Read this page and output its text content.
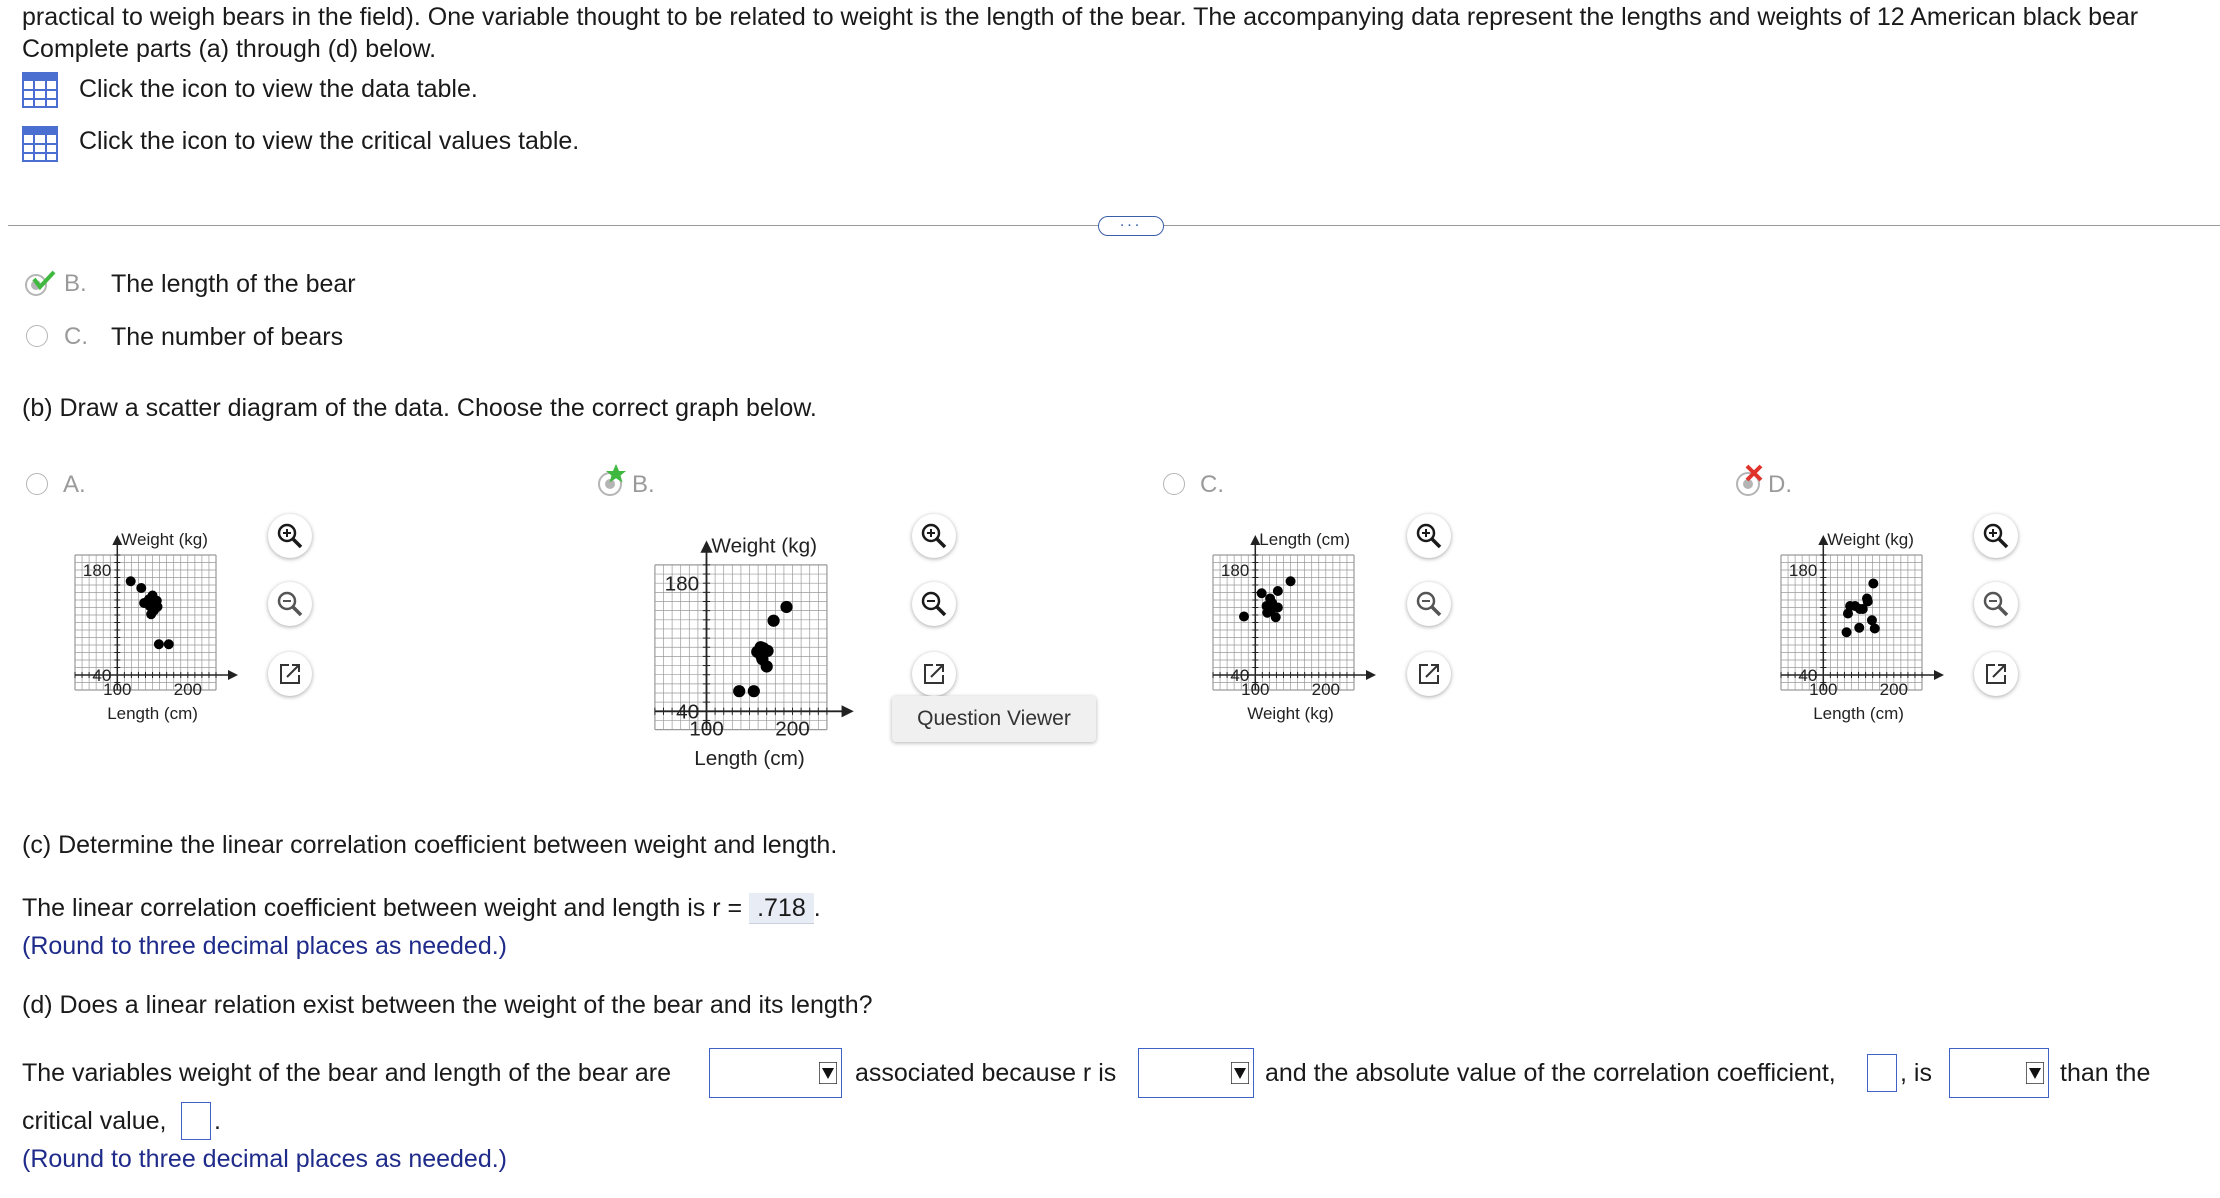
practical to weigh bears in the field). One variable thought to be related to weight is the length of the bear. The accompanying data represent the lengths and weights of 12 American black bear
Complete parts (a) through (d) below.
Click the icon to view the data table.
Click the icon to view the critical values table.
...
B. The length of the bear
C. The number of bears
(b) Draw a scatter diagram of the data. Choose the correct graph below.
A.	B.	C.	D.
Weight (kg)
180
40
100 200
Length (cm)
Weight (kg)
180
40
100 200
Length (cm)
Length (cm)
180
40
100 200
Weight (kg)
Weight (kg)
180
40
100 200
Length (cm)
Question Viewer
(c) Determine the linear correlation coefficient between weight and length.
The linear correlation coefficient between weight and length is r = .718 .
(Round to three decimal places as needed.)
(d) Does a linear relation exist between the weight of the bear and its length?
The variables weight of the bear and length of the bear are	associated because r is	and the absolute value of the correlation coefficient,	, is	than the
critical value, .
(Round to three decimal places as needed.)
